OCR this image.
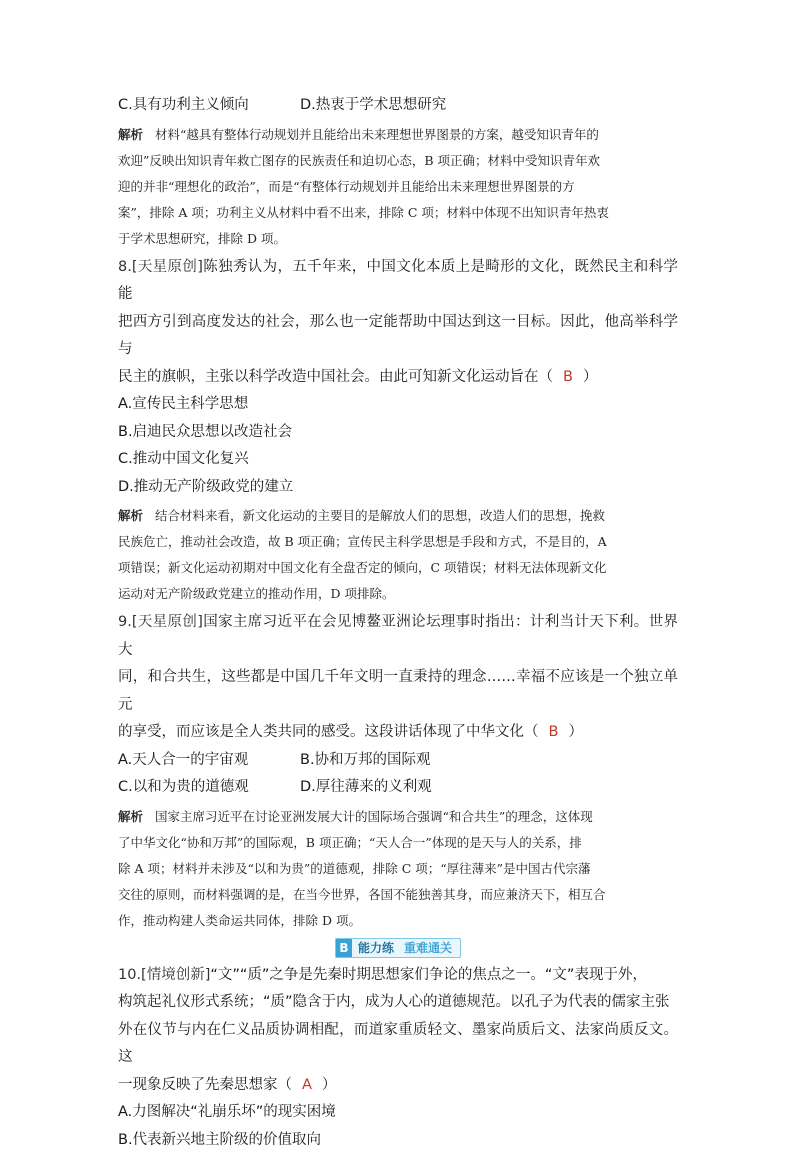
C.具有功利主义倾向	D.热衷于学术思想研究
解析 材料“越具有整体行动规划并且能给出未来理想世界图景的方案，越受知识青年的
欢迎”反映出知识青年救亡图存的民族责任和迫切心态，B 项正确；材料中受知识青年欢
迎的并非“理想化的政治”，而是“有整体行动规划并且能给出未来理想世界图景的方
案”，排除 A 项；功利主义从材料中看不出来，排除 C 项；材料中体现不出知识青年热衷
于学术思想研究，排除 D 项。
8.[天星原创]陈独秀认为，五千年来，中国文化本质上是畸形的文化，既然民主和科学能
把西方引到高度发达的社会，那么也一定能帮助中国达到这一目标。因此，他高举科学与
民主的旗帜，主张以科学改造中国社会。由此可知新文化运动旨在（ B ）
A.宣传民主科学思想
B.启迪民众思想以改造社会
C.推动中国文化复兴
D.推动无产阶级政党的建立
解析 结合材料来看，新文化运动的主要目的是解放人们的思想，改造人们的思想，挽救
民族危亡，推动社会改造，故 B 项正确；宣传民主科学思想是手段和方式，不是目的，A
项错误；新文化运动初期对中国文化有全盘否定的倾向，C 项错误；材料无法体现新文化
运动对无产阶级政党建立的推动作用，D 项排除。
9.[天星原创]国家主席习近平在会见博鳌亚洲论坛理事时指出：计利当计天下利。世界大
同，和合共生，这些都是中国几千年文明一直秉持的理念……幸福不应该是一个独立单元
的享受，而应该是全人类共同的感受。这段讲话体现了中华文化（ B ）
A.天人合一的宇宙观	B.协和万邦的国际观
C.以和为贵的道德观	D.厚往薄来的义利观
解析 国家主席习近平在讨论亚洲发展大计的国际场合强调“和合共生”的理念，这体现
了中华文化“协和万邦”的国际观，B 项正确；“天人合一”体现的是天与人的关系，排
除 A 项；材料并未涉及“以和为贵”的道德观，排除 C 项；“厚往薄来”是中国古代宗藩
交往的原则，而材料强调的是，在当今世界，各国不能独善其身，而应兼济天下，相互合
作，推动构建人类命运共同体，排除 D 项。
B 能力练 重难通关
10.[情境创新]“文”“质”之争是先秦时期思想家们争论的焦点之一。“文”表现于外，
构筑起礼仪形式系统；“质”隐含于内，成为人心的道德规范。以孔子为代表的儒家主张
外在仪节与内在仁义品质协调相配，而道家重质轻文、墨家尚质后文、法家尚质反文。这
一现象反映了先秦思想家（ A ）
A.力图解决“礼崩乐坏”的现实困境
B.代表新兴地主阶级的价值取向
